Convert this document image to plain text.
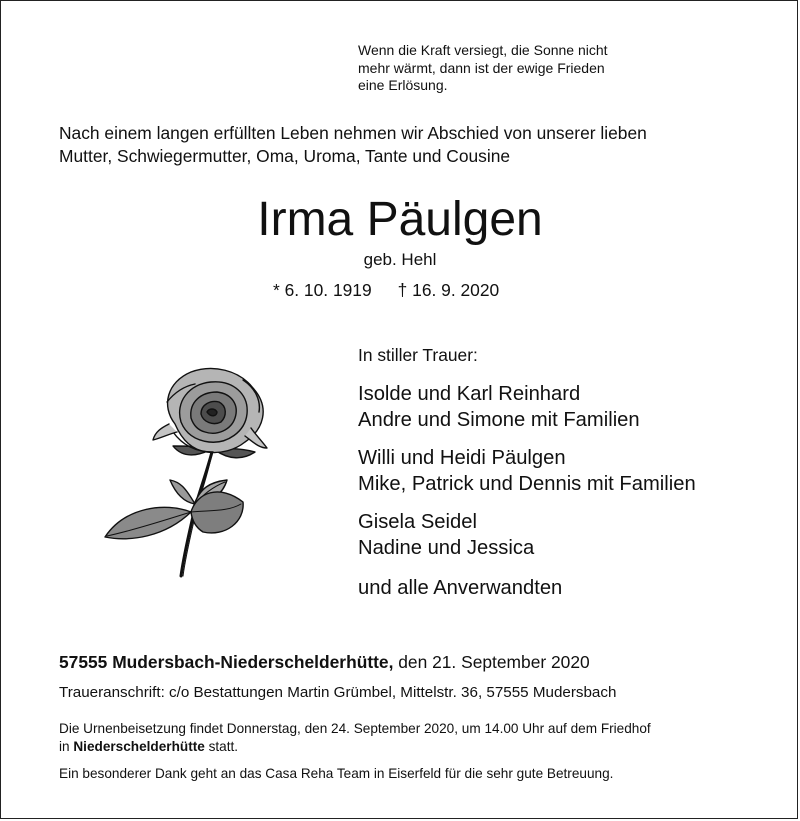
Wenn die Kraft versiegt, die Sonne nicht
mehr wärmt, dann ist der ewige Frieden
eine Erlösung.
Nach einem langen erfüllten Leben nehmen wir Abschied von unserer lieben
Mutter, Schwiegermutter, Oma, Uroma, Tante und Cousine
Irma Päulgen
geb. Hehl
* 6. 10. 1919 † 16. 9. 2020
In stiller Trauer:
Isolde und Karl Reinhard
Andre und Simone mit Familien
Willi und Heidi Päulgen
Mike, Patrick und Dennis mit Familien
Gisela Seidel
Nadine und Jessica
und alle Anverwandten
57555 Mudersbach-Niederschelderhütte, den 21. September 2020
Traueranschrift: c/o Bestattungen Martin Grümbel, Mittelstr. 36, 57555 Mudersbach
Die Urnenbeisetzung findet Donnerstag, den 24. September 2020, um 14.00 Uhr auf dem Friedhof
in Niederschelderhütte statt.
Ein besonderer Dank geht an das Casa Reha Team in Eiserfeld für die sehr gute Betreuung.
